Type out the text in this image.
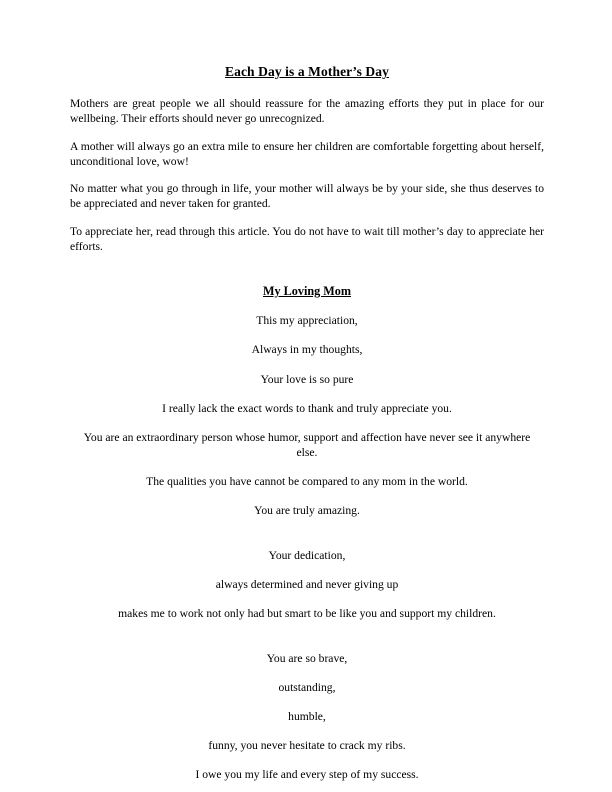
Each Day is a Mother’s Day

Mothers are great people we all should reassure for the amazing efforts they put in place for our wellbeing. Their efforts should never go unrecognized.

A mother will always go an extra mile to ensure her children are comfortable forgetting about herself, unconditional love, wow!

No matter what you go through in life, your mother will always be by your side, she thus deserves to be appreciated and never taken for granted.

To appreciate her, read through this article. You do not have to wait till mother’s day to appreciate her efforts.

My Loving Mom

This my appreciation,

Always in my thoughts,

Your love is so pure

I really lack the exact words to thank and truly appreciate you.

You are an extraordinary person whose humor, support and affection have never see it anywhere else.

The qualities you have cannot be compared to any mom in the world.

You are truly amazing.

Your dedication,

always determined and never giving up

makes me to work not only had but smart to be like you and support my children.

You are so brave,

outstanding,

humble,

funny, you never hesitate to crack my ribs.

I owe you my life and every step of my success.
